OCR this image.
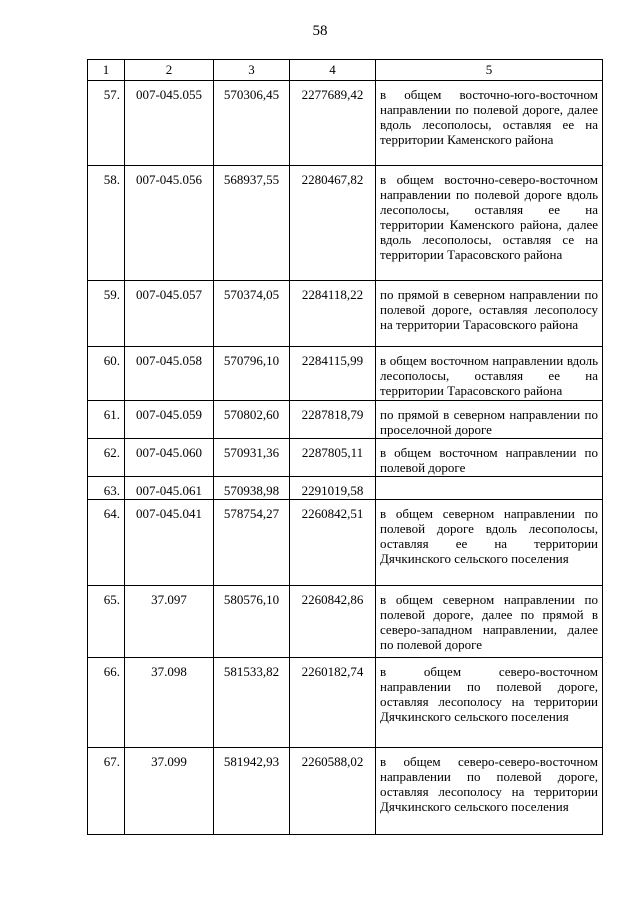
58
1	2	3	4	5
57.	007-045.055	570306,45	2277689,42	в общем восточно-юго-восточном направлении по полевой дороге, далее вдоль лесополосы, оставляя ее на территории Каменского района
58.	007-045.056	568937,55	2280467,82	в общем восточно-северо-восточном направлении по полевой дороге вдоль лесополосы, оставляя ее на территории Каменского района, далее вдоль лесополосы, оставляя се на территории Тарасовского района
59.	007-045.057	570374,05	2284118,22	по прямой в северном направлении по полевой дороге, оставляя лесополосу на территории Тарасовского района
60.	007-045.058	570796,10	2284115,99	в общем восточном направлении вдоль лесополосы, оставляя ее на территории Тарасовского района
61.	007-045.059	570802,60	2287818,79	по прямой в северном направлении по проселочной дороге
62.	007-045.060	570931,36	2287805,11	в общем восточном направлении по полевой дороге
63.	007-045.061	570938,98	2291019,58	
64.	007-045.041	578754,27	2260842,51	в общем северном направлении по полевой дороге вдоль лесополосы, оставляя ее на территории Дячкинского сельского поселения
65.	37.097	580576,10	2260842,86	в общем северном направлении по полевой дороге, далее по прямой в северо-западном направлении, далее по полевой дороге
66.	37.098	581533,82	2260182,74	в общем северо-восточном направлении по полевой дороге, оставляя лесополосу на территории Дячкинского сельского поселения
67.	37.099	581942,93	2260588,02	в общем северо-северо-восточном направлении по полевой дороге, оставляя лесополосу на территории Дячкинского сельского поселения
